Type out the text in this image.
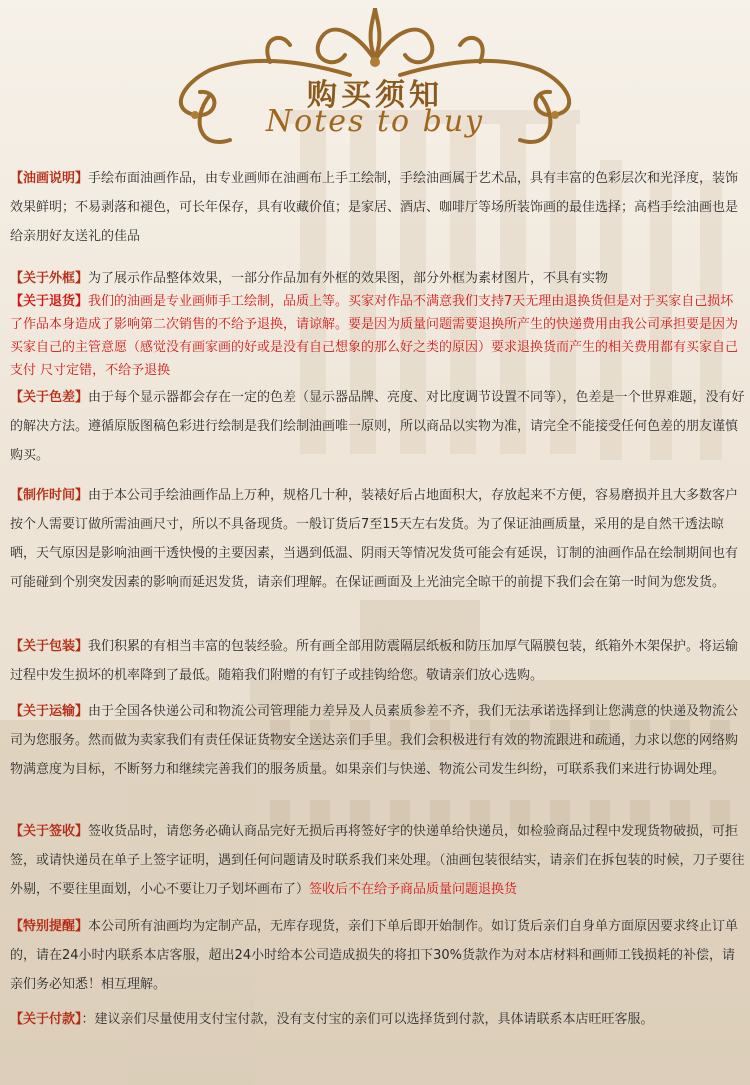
购买须知
Notes to buy
【油画说明】手绘布面油画作品，由专业画师在油画布上手工绘制，手绘油画属于艺术品，具有丰富的色彩层次和光泽度，装饰效果鲜明；不易剥落和褪色，可长年保存，具有收藏价值；是家居、酒店、咖啡厅等场所装饰画的最佳选择；高档手绘油画也是给亲朋好友送礼的佳品
【关于外框】为了展示作品整体效果，一部分作品加有外框的效果图，部分外框为素材图片，不具有实物
【关于退货】我们的油画是专业画师手工绘制，品质上等。买家对作品不满意我们支持7天无理由退换货但是对于买家自己损坏了作品本身造成了影响第二次销售的不给予退换，请谅解。要是因为质量问题需要退换所产生的快递费用由我公司承担要是因为买家自己的主管意愿（感觉没有画家画的好或是没有自己想象的那么好之类的原因）要求退换货而产生的相关费用都有买家自己支付 尺寸定错，不给予退换
【关于色差】由于每个显示器都会存在一定的色差（显示器品牌、亮度、对比度调节设置不同等），色差是一个世界难题，没有好的解决方法。遵循原版图稿色彩进行绘制是我们绘制油画唯一原则，所以商品以实物为准，请完全不能接受任何色差的朋友谨慎购买。
【制作时间】由于本公司手绘油画作品上万种，规格几十种，装裱好后占地面积大，存放起来不方便，容易磨损并且大多数客户按个人需要订做所需油画尺寸，所以不具备现货。一般订货后7至15天左右发货。为了保证油画质量，采用的是自然干透法晾晒，天气原因是影响油画干透快慢的主要因素，当遇到低温、阴雨天等情况发货可能会有延误，订制的油画作品在绘制期间也有可能碰到个别突发因素的影响而延迟发货，请亲们理解。在保证画面及上光油完全晾干的前提下我们会在第一时间为您发货。
【关于包装】我们积累的有相当丰富的包装经验。所有画全部用防震隔层纸板和防压加厚气隔膜包装，纸箱外木架保护。将运输过程中发生损坏的机率降到了最低。随箱我们附赠的有钉子或挂钩给您。敬请亲们放心选购。
【关于运输】由于全国各快递公司和物流公司管理能力差异及人员素质参差不齐，我们无法承诺选择到让您满意的快递及物流公司为您服务。然而做为卖家我们有责任保证货物安全送达亲们手里。我们会积极进行有效的物流跟进和疏通，力求以您的网络购物满意度为目标，不断努力和继续完善我们的服务质量。如果亲们与快递、物流公司发生纠纷，可联系我们来进行协调处理。
【关于签收】签收货品时，请您务必确认商品完好无损后再将签好字的快递单给快递员，如检验商品过程中发现货物破损，可拒签，或请快递员在单子上签字证明，遇到任何问题请及时联系我们来处理。（油画包装很结实，请亲们在拆包装的时候，刀子要往外剔，不要往里面划，小心不要让刀子划坏画布了）签收后不在给予商品质量问题退换货
【特别提醒】本公司所有油画均为定制产品，无库存现货，亲们下单后即开始制作。如订货后亲们自身单方面原因要求终止订单的，请在24小时内联系本店客服，超出24小时给本公司造成损失的将扣下30%货款作为对本店材料和画师工钱损耗的补偿，请亲们务必知悉！相互理解。
【关于付款】：建议亲们尽量使用支付宝付款，没有支付宝的亲们可以选择货到付款，具体请联系本店旺旺客服。
